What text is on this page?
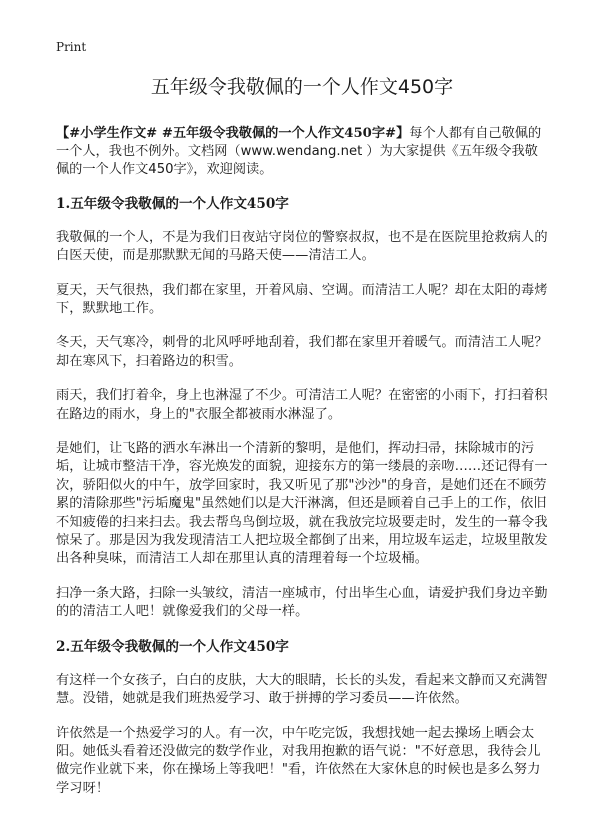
Print
五年级令我敬佩的一个人作文450字

【#小学生作文# #五年级令我敬佩的一个人作文450字#】每个人都有自己敬佩的一个人，我也不例外。文档网（www.wendang.net ）为大家提供《五年级令我敬佩的一个人作文450字》，欢迎阅读。

1.五年级令我敬佩的一个人作文450字

我敬佩的一个人，不是为我们日夜站守岗位的警察叔叔，也不是在医院里抢救病人的白医天使，而是那默默无闻的马路天使——清洁工人。

夏天，天气很热，我们都在家里，开着风扇、空调。而清洁工人呢？却在太阳的毒烤下，默默地工作。

冬天，天气寒冷，刺骨的北风呼呼地刮着，我们都在家里开着暖气。而清洁工人呢？却在寒风下，扫着路边的积雪。

雨天，我们打着伞，身上也淋湿了不少。可清洁工人呢？在密密的小雨下，打扫着积在路边的雨水，身上的"衣服全都被雨水淋湿了。

是她们，让飞路的洒水车淋出一个清新的黎明，是他们，挥动扫帚，抹除城市的污垢，让城市整洁干净，容光焕发的面貌，迎接东方的第一缕晨的亲吻……还记得有一次，骄阳似火的中午，放学回家时，我又听见了那"沙沙"的身音，是她们还在不顾劳累的清除那些"污垢魔鬼"虽然她们以是大汗淋漓，但还是顾着自己手上的工作，依旧不知疲倦的扫来扫去。我去帮鸟鸟倒垃圾，就在我放完垃圾要走时，发生的一幕令我惊呆了。那是因为我发现清洁工人把垃圾全都倒了出来，用垃圾车运走，垃圾里散发出各种臭味，而清洁工人却在那里认真的清理着每一个垃圾桶。

扫净一条大路，扫除一头皱纹，清洁一座城市，付出毕生心血，请爱护我们身边辛勤的的清洁工人吧！就像爱我们的父母一样。

2.五年级令我敬佩的一个人作文450字

有这样一个女孩子，白白的皮肤，大大的眼睛，长长的头发，看起来文静而又充满智慧。没错，她就是我们班热爱学习、敢于拼搏的学习委员——许依然。

许依然是一个热爱学习的人。有一次，中午吃完饭，我想找她一起去操场上晒会太阳。她低头看着还没做完的数学作业，对我用抱歉的语气说："不好意思，我待会儿做完作业就下来，你在操场上等我吧！"看，许依然在大家休息的时候也是多么努力学习呀！
